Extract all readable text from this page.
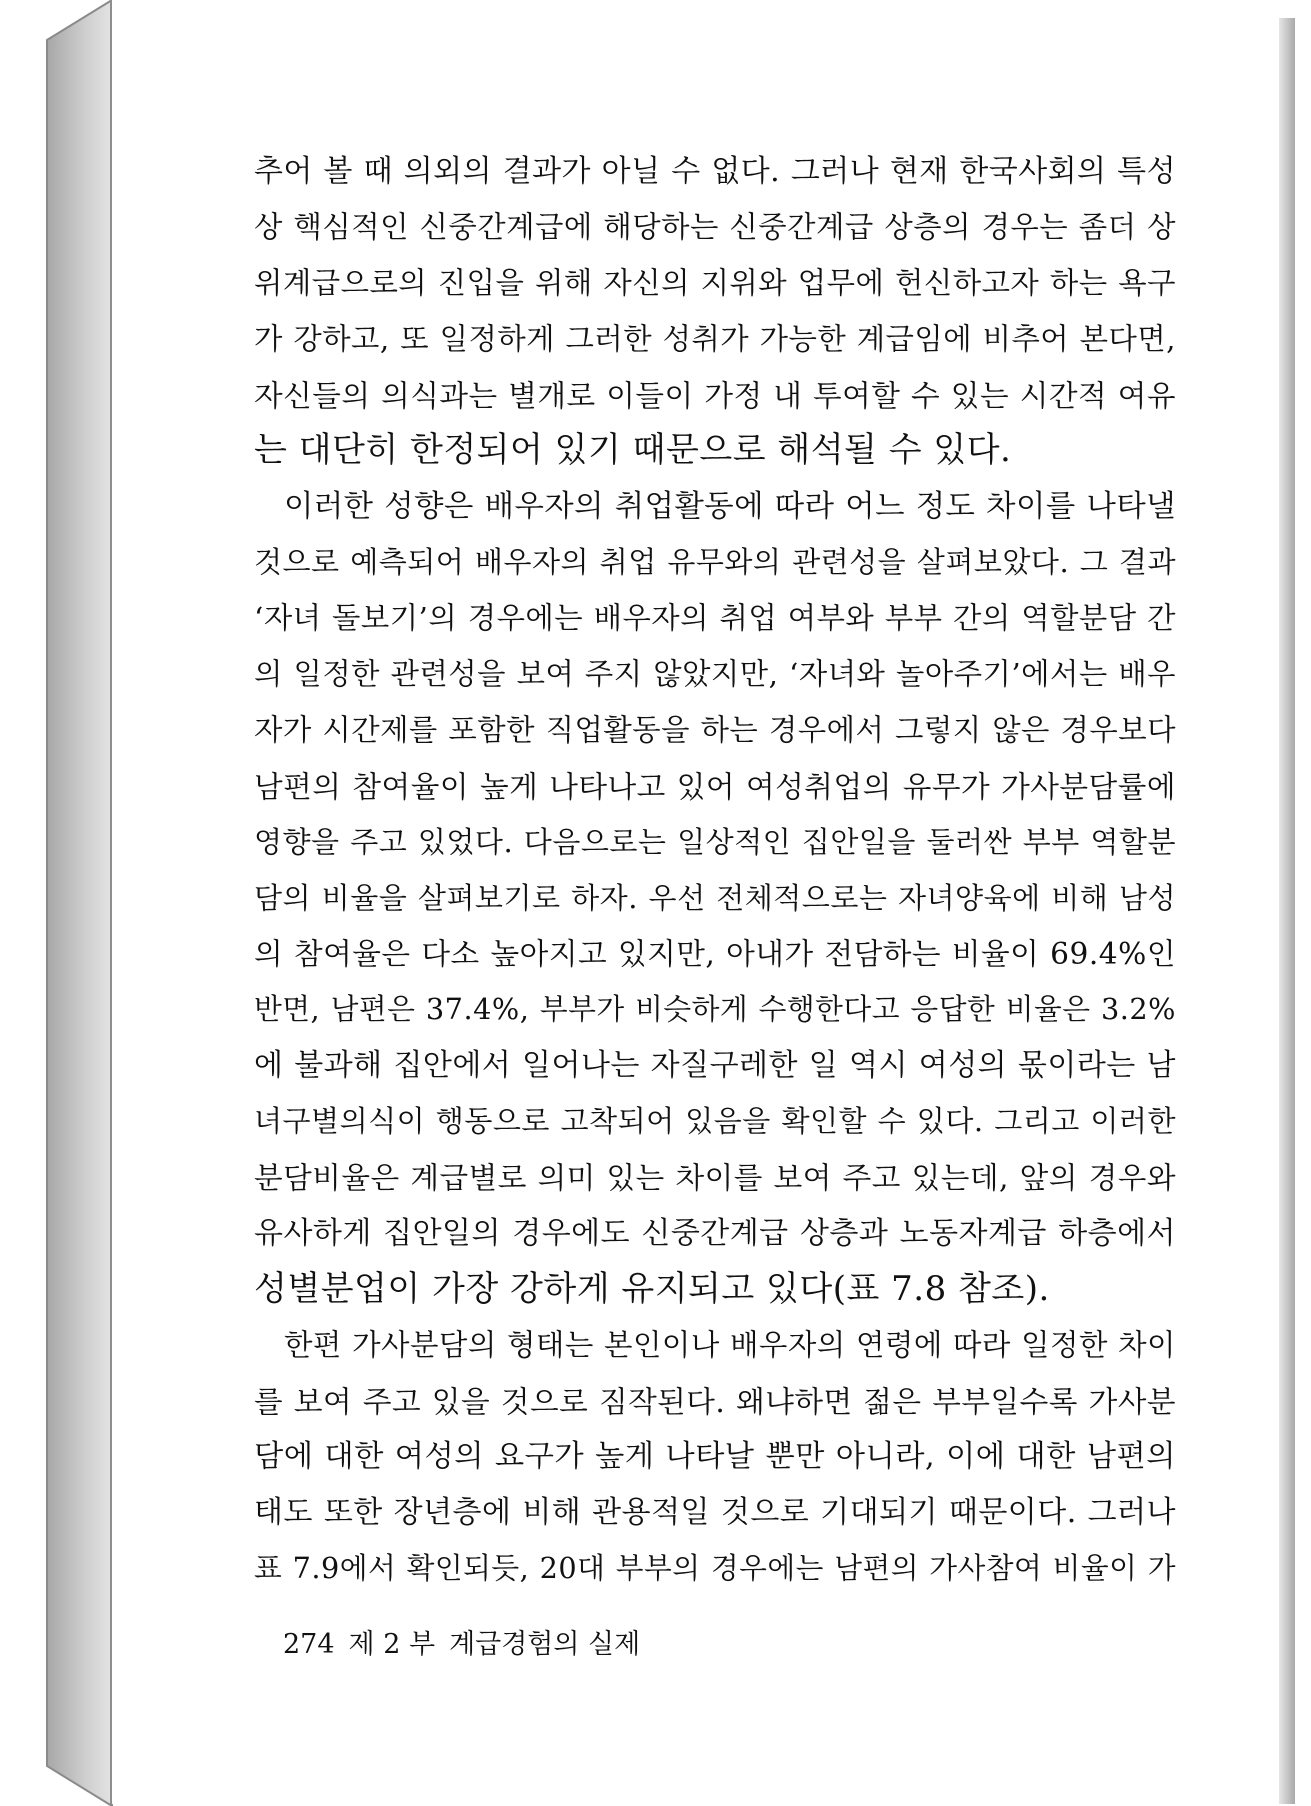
추어 볼 때 의외의 결과가 아닐 수 없다. 그러나 현재 한국사회의 특성
상 핵심적인 신중간계급에 해당하는 신중간계급 상층의 경우는 좀더 상
위계급으로의 진입을 위해 자신의 지위와 업무에 헌신하고자 하는 욕구
가 강하고, 또 일정하게 그러한 성취가 가능한 계급임에 비추어 본다면,
자신들의 의식과는 별개로 이들이 가정 내 투여할 수 있는 시간적 여유
는 대단히 한정되어 있기 때문으로 해석될 수 있다.
이러한 성향은 배우자의 취업활동에 따라 어느 정도 차이를 나타낼
것으로 예측되어 배우자의 취업 유무와의 관련성을 살펴보았다. 그 결과
‘자녀 돌보기’의 경우에는 배우자의 취업 여부와 부부 간의 역할분담 간
의 일정한 관련성을 보여 주지 않았지만, ‘자녀와 놀아주기’에서는 배우
자가 시간제를 포함한 직업활동을 하는 경우에서 그렇지 않은 경우보다
남편의 참여율이 높게 나타나고 있어 여성취업의 유무가 가사분담률에
영향을 주고 있었다. 다음으로는 일상적인 집안일을 둘러싼 부부 역할분
담의 비율을 살펴보기로 하자. 우선 전체적으로는 자녀양육에 비해 남성
의 참여율은 다소 높아지고 있지만, 아내가 전담하는 비율이 69.4%인
반면, 남편은 37.4%, 부부가 비슷하게 수행한다고 응답한 비율은 3.2%
에 불과해 집안에서 일어나는 자질구레한 일 역시 여성의 몫이라는 남
녀구별의식이 행동으로 고착되어 있음을 확인할 수 있다. 그리고 이러한
분담비율은 계급별로 의미 있는 차이를 보여 주고 있는데, 앞의 경우와
유사하게 집안일의 경우에도 신중간계급 상층과 노동자계급 하층에서
성별분업이 가장 강하게 유지되고 있다(표 7.8 참조).
한편 가사분담의 형태는 본인이나 배우자의 연령에 따라 일정한 차이
를 보여 주고 있을 것으로 짐작된다. 왜냐하면 젊은 부부일수록 가사분
담에 대한 여성의 요구가 높게 나타날 뿐만 아니라, 이에 대한 남편의
태도 또한 장년층에 비해 관용적일 것으로 기대되기 때문이다. 그러나
표 7.9에서 확인되듯, 20대 부부의 경우에는 남편의 가사참여 비율이 가
274 제 2 부 계급경험의 실제
